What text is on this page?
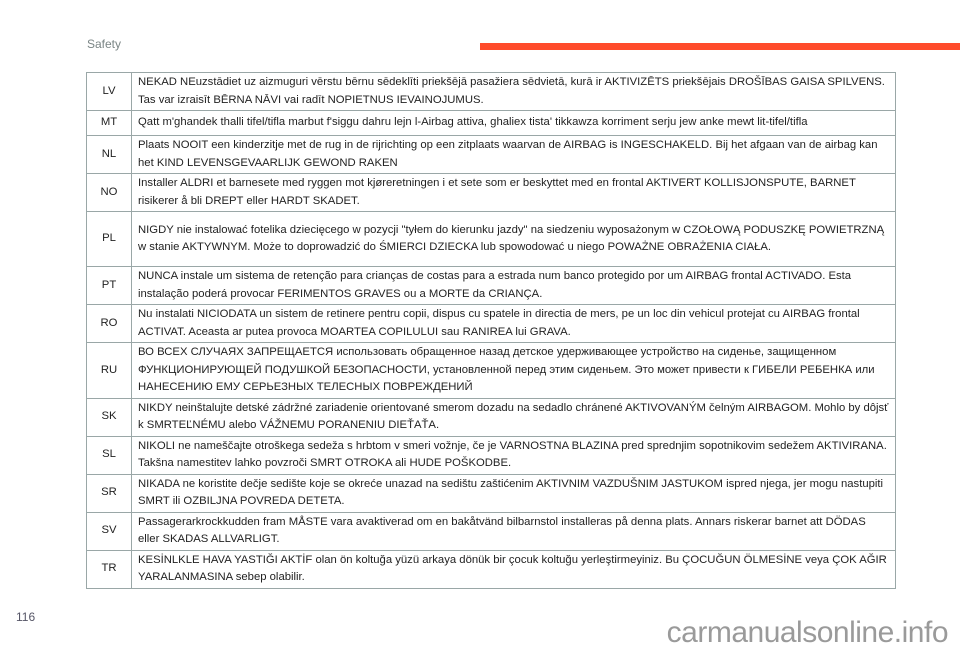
Safety
LV	NEKAD NEuzstādiet uz aizmuguri vērstu bērnu sēdeklīti priekšējā pasažiera sēdvietā, kurā ir AKTIVIZĒTS priekšējais DROŠĪBAS GAISA SPILVENS. Tas var izraisīt BĒRNA NĀVI vai radīt NOPIETNUS IEVAINOJUMUS.
MT	Qatt m'ghandek thalli tifel/tifla marbut f'siggu dahru lejn l-Airbag attiva, ghaliex tista' tikkawza korriment serju jew anke mewt lit-tifel/tifla
NL	Plaats NOOIT een kinderzitje met de rug in de rijrichting op een zitplaats waarvan de AIRBAG is INGESCHAKELD. Bij het afgaan van de airbag kan het KIND LEVENSGEVAARLIJK GEWOND RAKEN
NO	Installer ALDRI et barnesete med ryggen mot kjøreretningen i et sete som er beskyttet med en frontal AKTIVERT KOLLISJONSPUTE, BARNET risikerer å bli DREPT eller HARDT SKADET.
PL	NIGDY nie instalować fotelika dziecięcego w pozycji "tyłem do kierunku jazdy" na siedzeniu wyposażonym w CZOŁOWĄ PODUSZKĘ POWIETRZNĄ w stanie AKTYWNYM. Może to doprowadzić do ŚMIERCI DZIECKA lub spowodować u niego POWAŻNE OBRAŻENIA CIAŁA.
PT	NUNCA instale um sistema de retenção para crianças de costas para a estrada num banco protegido por um AIRBAG frontal ACTIVADO. Esta instalação poderá provocar FERIMENTOS GRAVES ou a MORTE da CRIANÇA.
RO	Nu instalati NICIODATA un sistem de retinere pentru copii, dispus cu spatele in directia de mers, pe un loc din vehicul protejat cu AIRBAG frontal ACTIVAT. Aceasta ar putea provoca MOARTEA COPILULUI sau RANIREA lui GRAVA.
RU	ВО ВСЕХ СЛУЧАЯХ ЗАПРЕЩАЕТСЯ использовать обращенное назад детское удерживающее устройство на сиденье, защищенном ФУНКЦИОНИРУЮЩЕЙ ПОДУШКОЙ БЕЗОПАСНОСТИ, установленной перед этим сиденьем. Это может привести к ГИБЕЛИ РЕБЕНКА или НАНЕСЕНИЮ ЕМУ СЕРЬЕЗНЫХ ТЕЛЕСНЫХ ПОВРЕЖДЕНИЙ
SK	NIKDY neinštalujte detské zádržné zariadenie orientované smerom dozadu na sedadlo chránené AKTIVOVANÝM čelným AIRBAGOM. Mohlo by dôjsť k SMRTEĽNÉMU alebo VÁŽNEMU PORANENIU DIEŤAŤA.
SL	NIKOLI ne nameščajte otroškega sedeža s hrbtom v smeri vožnje, če je VARNOSTNA BLAZINA pred sprednjim sopotnikovim sedežem AKTIVIRANA. Takšna namestitev lahko povzroči SMRT OTROKA ali HUDE POŠKODBE.
SR	NIKADA ne koristite dečje sedište koje se okreće unazad na sedištu zaštićenim AKTIVNIM VAZDUŠNIM JASTUKOM ispred njega, jer mogu nastupiti SMRT ili OZBILJNA POVREDA DETETA.
SV	Passagerarkrockkudden fram MÅSTE vara avaktiverad om en bakåtvänd bilbarnstol installeras på denna plats. Annars riskerar barnet att DÖDAS eller SKADAS ALLVARLIGT.
TR	KESİNLKLE HAVA YASTIĞI AKTİF olan ön koltuğa yüzü arkaya dönük bir çocuk koltuğu yerleştirmeyiniz. Bu ÇOCUĞUN ÖLMESİNE veya ÇOK AĞIR YARALANMASINA sebep olabilir.
116	carmanualsonline.info
